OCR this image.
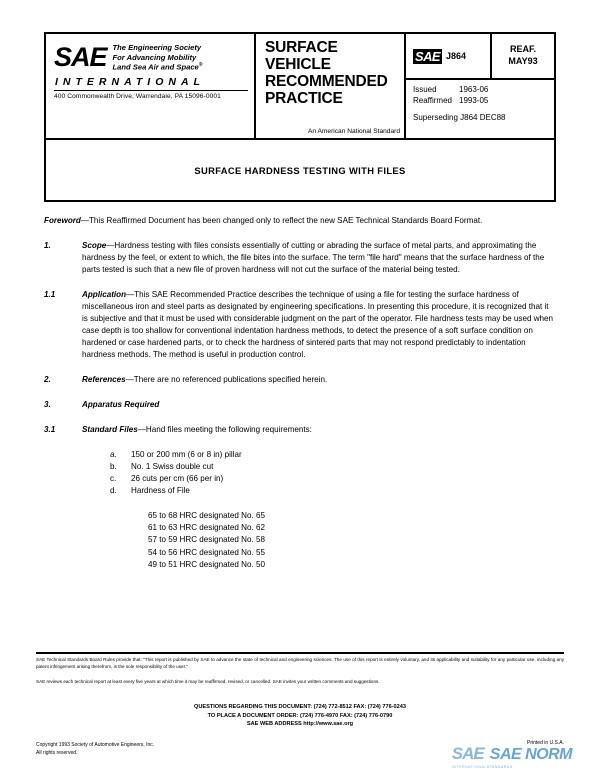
SAE The Engineering Society
For Advancing Mobility
Land Sea Air and Space®
INTERNATIONAL
400 Commonwealth Drive, Warrendale, PA 15096-0001
SURFACE
VEHICLE
RECOMMENDED
PRACTICE
An American National Standard
SAE J864
REAF.
MAY93
Issued	1963-06
Reaffirmed 1993-05
Superseding J864 DEC88
SURFACE HARDNESS TESTING WITH FILES
Foreword—This Reaffirmed Document has been changed only to reflect the new SAE Technical Standards Board Format.
1.	Scope—Hardness testing with files consists essentially of cutting or abrading the surface of metal parts, and approximating the hardness by the feel, or extent to which, the file bites into the surface. The term "file hard" means that the surface hardness of the parts tested is such that a new file of proven hardness will not cut the surface of the material being tested.
1.1	Application—This SAE Recommended Practice describes the technique of using a file for testing the surface hardness of miscellaneous iron and steel parts as designated by engineering specifications. In presenting this procedure, it is recognized that it is subjective and that it must be used with considerable judgment on the part of the operator. File hardness tests may be used when case depth is too shallow for conventional indentation hardness methods, to detect the presence of a soft surface condition on hardened or case hardened parts, or to check the hardness of sintered parts that may not respond predictably to indentation hardness methods. The method is useful in production control.
2.	References—There are no referenced publications specified herein.
3.	Apparatus Required
3.1	Standard Files—Hand files meeting the following requirements:
a.	150 or 200 mm (6 or 8 in) pillar
b.	No. 1 Swiss double cut
c.	26 cuts per cm (66 per in)
d.	Hardness of File
65 to 68 HRC designated No. 65
61 to 63 HRC designated No. 62
57 to 59 HRC designated No. 58
54 to 56 HRC designated No. 55
49 to 51 HRC designated No. 50

SAE Technical Standards Board Rules provide that: "This report is published by SAE to advance the state of technical and engineering sciences. The use of this report is entirely voluntary, and its applicability and suitability for any particular use, including any patent infringement arising therefrom, is the sole responsibility of the user."

SAE reviews each technical report at least every five years at which time it may be reaffirmed, revised, or cancelled. SAE invites your written comments and suggestions.

QUESTIONS REGARDING THIS DOCUMENT: (724) 772-8512 FAX: (724) 776-0243
TO PLACE A DOCUMENT ORDER: (724) 776-4970 FAX: (724) 776-0790
SAE WEB ADDRESS http://www.sae.org
Copyright 1993 Society of Automotive Engineers, Inc.
All rights reserved.
Printed in U.S.A.
SAE
INTERNATIONAL
SAE NORM
STANDARDS
